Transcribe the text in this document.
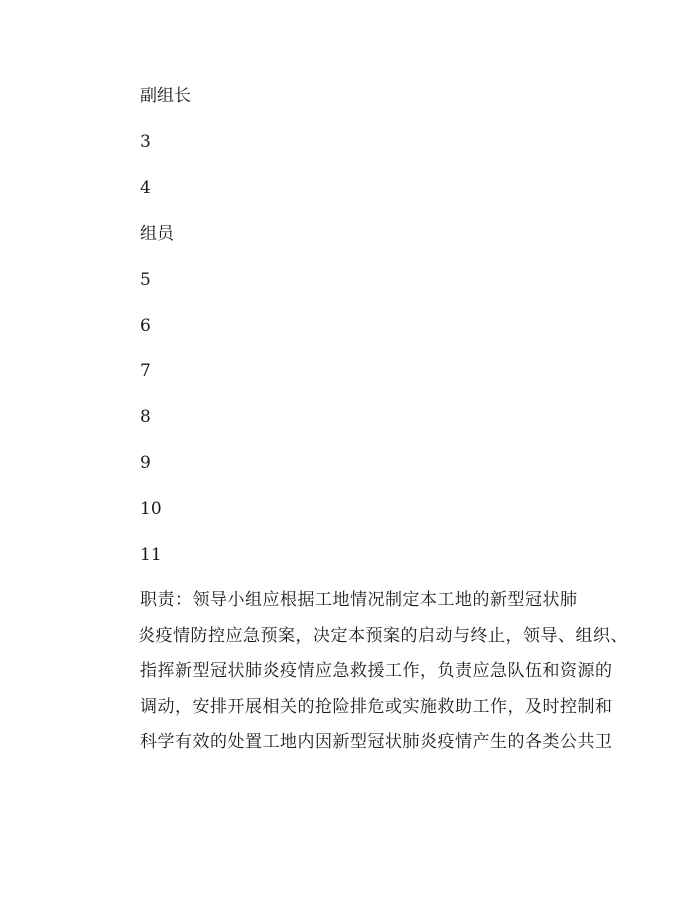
副组长
3
4
组员
5
6
7
8
9
10
11
职责：领导小组应根据工地情况制定本工地的新型冠状肺
炎疫情防控应急预案，决定本预案的启动与终止，领导、组织、
指挥新型冠状肺炎疫情应急救援工作，负责应急队伍和资源的
调动，安排开展相关的抢险排危或实施救助工作，及时控制和
科学有效的处置工地内因新型冠状肺炎疫情产生的各类公共卫
